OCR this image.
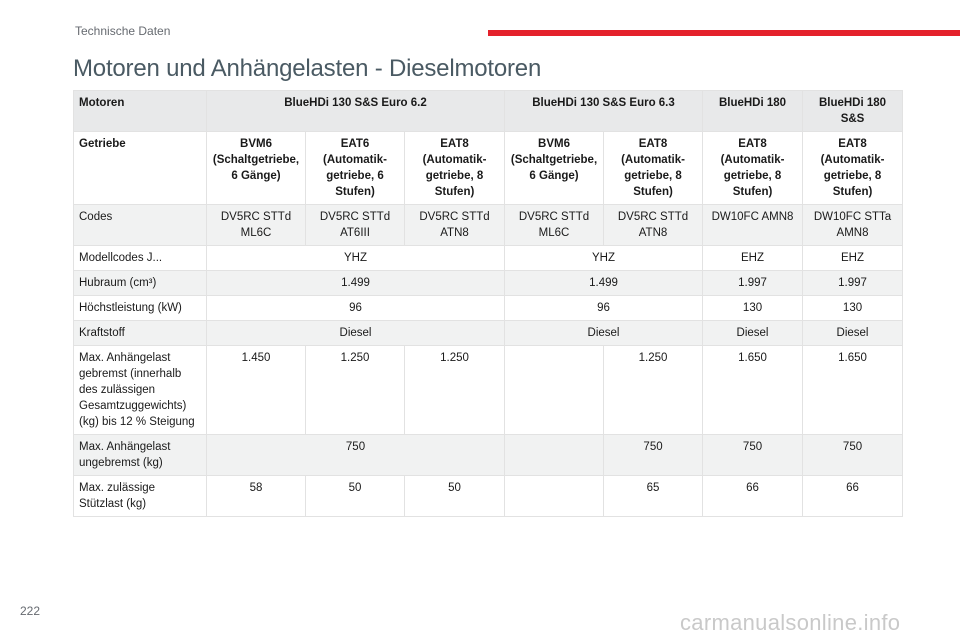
Technische Daten
Motoren und Anhängelasten - Dieselmotoren
Motoren	BlueHDi 130 S&S Euro 6.2			BlueHDi 130 S&S Euro 6.3		BlueHDi 180	BlueHDi 180 S&S
Getriebe	BVM6 (Schaltgetriebe, 6 Gänge)	EAT6 (Automatik-getriebe, 6 Stufen)	EAT8 (Automatik-getriebe, 8 Stufen)	BVM6 (Schaltgetriebe, 6 Gänge)	EAT8 (Automatik-getriebe, 8 Stufen)	EAT8 (Automatik-getriebe, 8 Stufen)	EAT8 (Automatik-getriebe, 8 Stufen)
Codes	DV5RC STTd ML6C	DV5RC STTd AT6III	DV5RC STTd ATN8	DV5RC STTd ML6C	DV5RC STTd ATN8	DW10FC AMN8	DW10FC STTa AMN8
Modellcodes J...	YHZ			YHZ		EHZ	EHZ
Hubraum (cm³)	1.499			1.499		1.997	1.997
Höchstleistung (kW)	96			96		130	130
Kraftstoff	Diesel			Diesel		Diesel	Diesel
Max. Anhängelast gebremst (innerhalb des zulässigen Gesamtzuggewichts) (kg) bis 12 % Steigung	1.450	1.250	1.250		1.250	1.650	1.650
Max. Anhängelast ungebremst (kg)	750				750	750	750
Max. zulässige Stützlast (kg)	58	50	50		65	66	66
222	carmanualsonline.info
